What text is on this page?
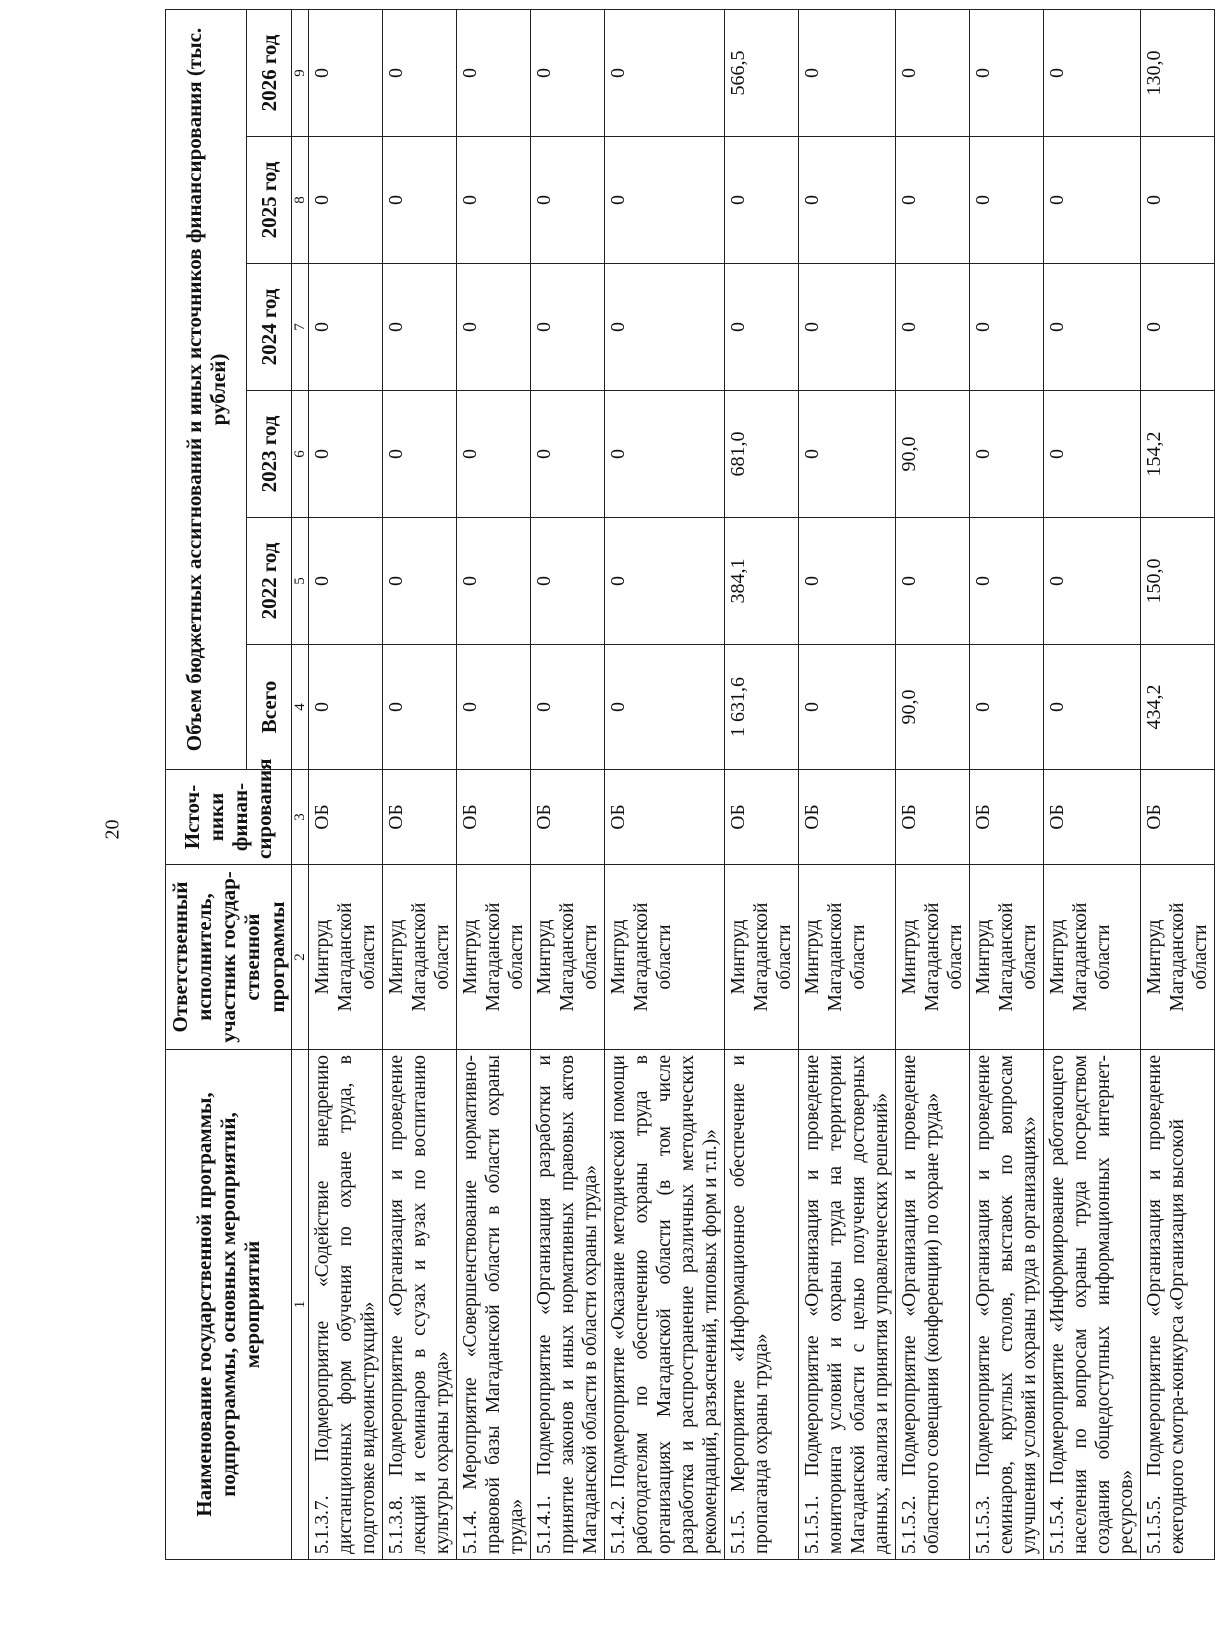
20
Наименование государственной программы, подпрограммы, основных мероприятий, мероприятий	Ответственный исполнитель, участник государ-ственной программы	Источ-ники финан-сирования	Объем бюджетных ассигнований и иных источников финансирования (тыс. рублей)					
			Всего	2022 год	2023 год	2024 год	2025 год	2026 год
1	2	3	4	5	6	7	8	9
5.1.3.7. Подмероприятие «Содействие внедрению дистанционных форм обучения по охране труда, в подготовке видеоинструкций»	Минтруд Магаданской области	ОБ	0	0	0	0	0	0
5.1.3.8. Подмероприятие «Организация и проведение лекций и семинаров в ссузах и вузах по воспитанию культуры охраны труда»	Минтруд Магаданской области	ОБ	0	0	0	0	0	0
5.1.4. Мероприятие «Совершенствование нормативно-правовой базы Магаданской области в области охраны труда»	Минтруд Магаданской области	ОБ	0	0	0	0	0	0
5.1.4.1. Подмероприятие «Организация разработки и принятие законов и иных нормативных правовых актов Магаданской области в области охраны труда»	Минтруд Магаданской области	ОБ	0	0	0	0	0	0
5.1.4.2. Подмероприятие «Оказание методической помощи работодателям по обеспечению охраны труда в организациях Магаданской области (в том числе разработка и распространение различных методических рекомендаций, разъяснений, типовых форм и т.п.)»	Минтруд Магаданской области	ОБ	0	0	0	0	0	0
5.1.5. Мероприятие «Информационное обеспечение и пропаганда охраны труда»	Минтруд Магаданской области	ОБ	1 631,6	384,1	681,0	0	0	566,5
5.1.5.1. Подмероприятие «Организация и проведение мониторинга условий и охраны труда на территории Магаданской области с целью получения достоверных данных, анализа и принятия управленческих решений»	Минтруд Магаданской области	ОБ	0	0	0	0	0	0
5.1.5.2. Подмероприятие «Организация и проведение областного совещания (конференции) по охране труда»	Минтруд Магаданской области	ОБ	90,0	0	90,0	0	0	0
5.1.5.3. Подмероприятие «Организация и проведение семинаров, круглых столов, выставок по вопросам улучшения условий и охраны труда в организациях»	Минтруд Магаданской области	ОБ	0	0	0	0	0	0
5.1.5.4. Подмероприятие «Информирование работающего населения по вопросам охраны труда посредством создания общедоступных информационных интернет-ресурсов»	Минтруд Магаданской области	ОБ	0	0	0	0	0	0
5.1.5.5. Подмероприятие «Организация и проведение ежегодного смотра-конкурса «Организация высокой	Минтруд Магаданской области	ОБ	434,2	150,0	154,2	0	0	130,0
